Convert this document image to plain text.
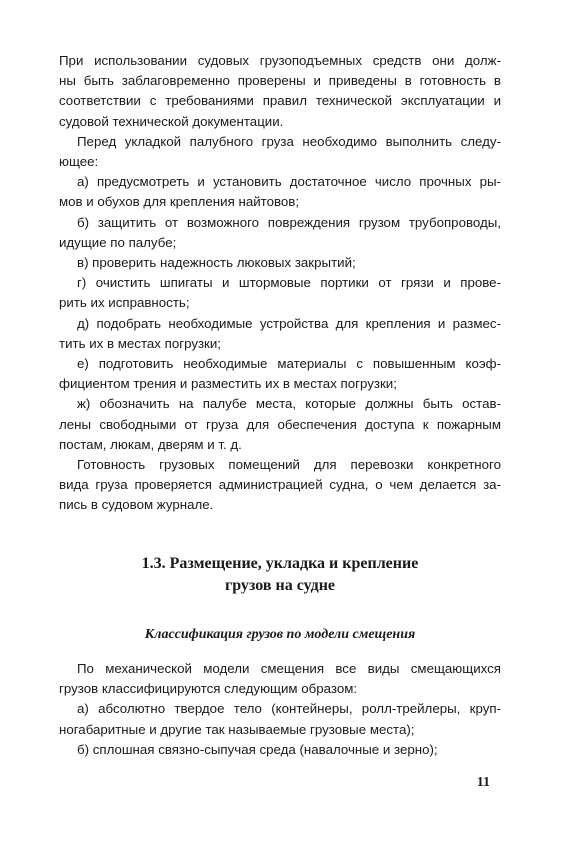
При использовании судовых грузоподъемных средств они долж-
ны быть заблаговременно проверены и приведены в готовность в
соответствии с требованиями правил технической эксплуатации и
судовой технической документации.

Перед укладкой палубного груза необходимо выполнить следу-
ющее:

а) предусмотреть и установить достаточное число прочных ры-
мов и обухов для крепления найтовов;

б) защитить от возможного повреждения грузом трубопроводы,
идущие по палубе;

в) проверить надежность люковых закрытий;

г) очистить шпигаты и штормовые портики от грязи и прове-
рить их исправность;

д) подобрать необходимые устройства для крепления и размес-
тить их в местах погрузки;

е) подготовить необходимые материалы с повышенным коэф-
фициентом трения и разместить их в местах погрузки;

ж) обозначить на палубе места, которые должны быть остав-
лены свободными от груза для обеспечения доступа к пожарным
постам, люкам, дверям и т. д.

Готовность грузовых помещений для перевозки конкретного
вида груза проверяется администрацией судна, о чем делается за-
пись в судовом журнале.

1.3. Размещение, укладка и крепление
грузов на судне
Классификация грузов по модели смещения

По механической модели смещения все виды смещающихся
грузов классифицируются следующим образом:

а) абсолютно твердое тело (контейнеры, ролл-трейлеры, круп-
ногабаритные и другие так называемые грузовые места);

б) сплошная связно-сыпучая среда (навалочные и зерно);

11
